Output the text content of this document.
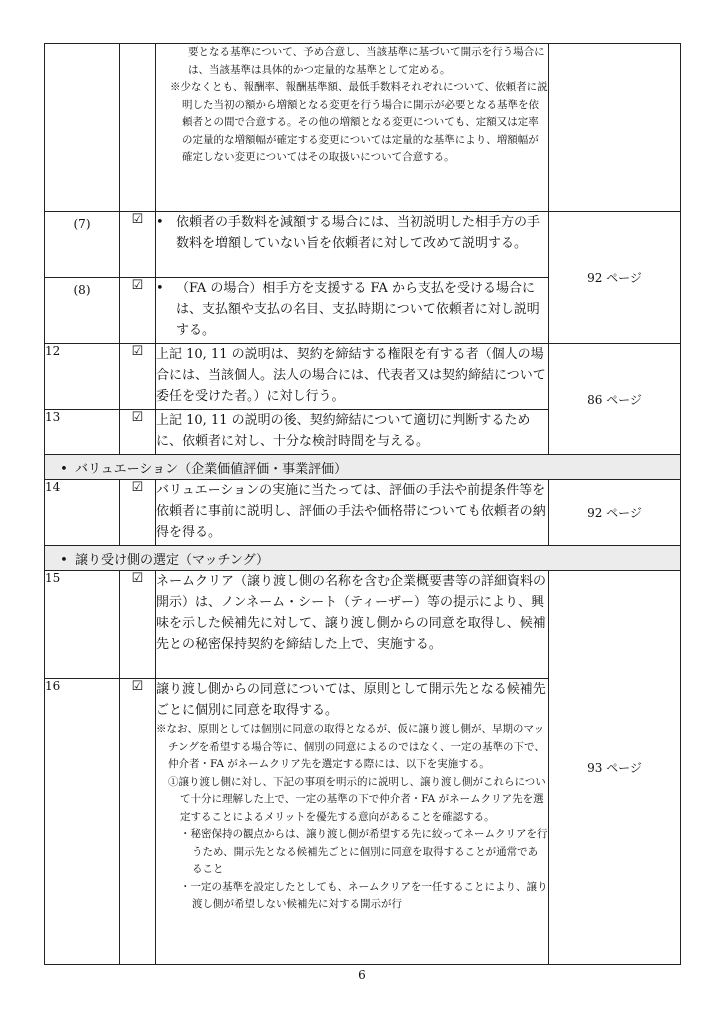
		要となる基準について、予め合意し、当該基準に基づいて開示を行う場合には、当該基準は具体的かつ定量的な基準として定める。
※少なくとも、報酬率、報酬基準額、最低手数料それぞれについて、依頼者に説明した当初の額から増額となる変更を行う場合に開示が必要となる基準を依頼者との間で合意する。その他の増額となる変更についても、定額又は定率の定量的な増額幅が確定する変更については定量的な基準により、増額幅が確定しない変更についてはその取扱いについて合意する。	

(7)	☑	• 依頼者の手数料を減額する場合には、当初説明した相手方の手数料を増額していない旨を依頼者に対して改めて説明する。	92 ページ
(8)	☑	• （FA の場合）相手方を支援する FA から支払を受ける場合には、支払額や支払の名目、支払時期について依頼者に対し説明する。	

12	☑	上記 10, 11 の説明は、契約を締結する権限を有する者（個人の場合には、当該個人。法人の場合には、代表者又は契約締結について委任を受けた者。）に対し行う。	86 ページ
13	☑	上記 10, 11 の説明の後、契約締結について適切に判断するために、依頼者に対し、十分な検討時間を与える。	
• バリュエーション（企業価値評価・事業評価）			
14	☑	バリュエーションの実施に当たっては、評価の手法や前提条件等を依頼者に事前に説明し、評価の手法や価格帯についても依頼者の納得を得る。	92 ページ
• 譲り受け側の選定（マッチング）			
15	☑	ネームクリア（譲り渡し側の名称を含む企業概要書等の詳細資料の開示）は、ノンネーム・シート（ティーザー）等の提示により、興味を示した候補先に対して、譲り渡し側からの同意を取得し、候補先との秘密保持契約を締結した上で、実施する。	93 ページ
16	☑	譲り渡し側からの同意については、原則として開示先となる候補先ごとに個別に同意を取得する。
※なお、原則としては個別に同意の取得となるが、仮に譲り渡し側が、早期のマッチングを希望する場合等に、個別の同意によるのではなく、一定の基準の下で、仲介者・FA がネームクリア先を選定する際には、以下を実施する。
①譲り渡し側に対し、下記の事項を明示的に説明し、譲り渡し側がこれらについて十分に理解した上で、一定の基準の下で仲介者・FA がネームクリア先を選定することによるメリットを優先する意向があることを確認する。
・秘密保持の観点からは、譲り渡し側が希望する先に絞ってネームクリアを行うため、開示先となる候補先ごとに個別に同意を取得することが通常であること
・一定の基準を設定したとしても、ネームクリアを一任することにより、譲り渡し側が希望しない候補先に対する開示が行	
6
